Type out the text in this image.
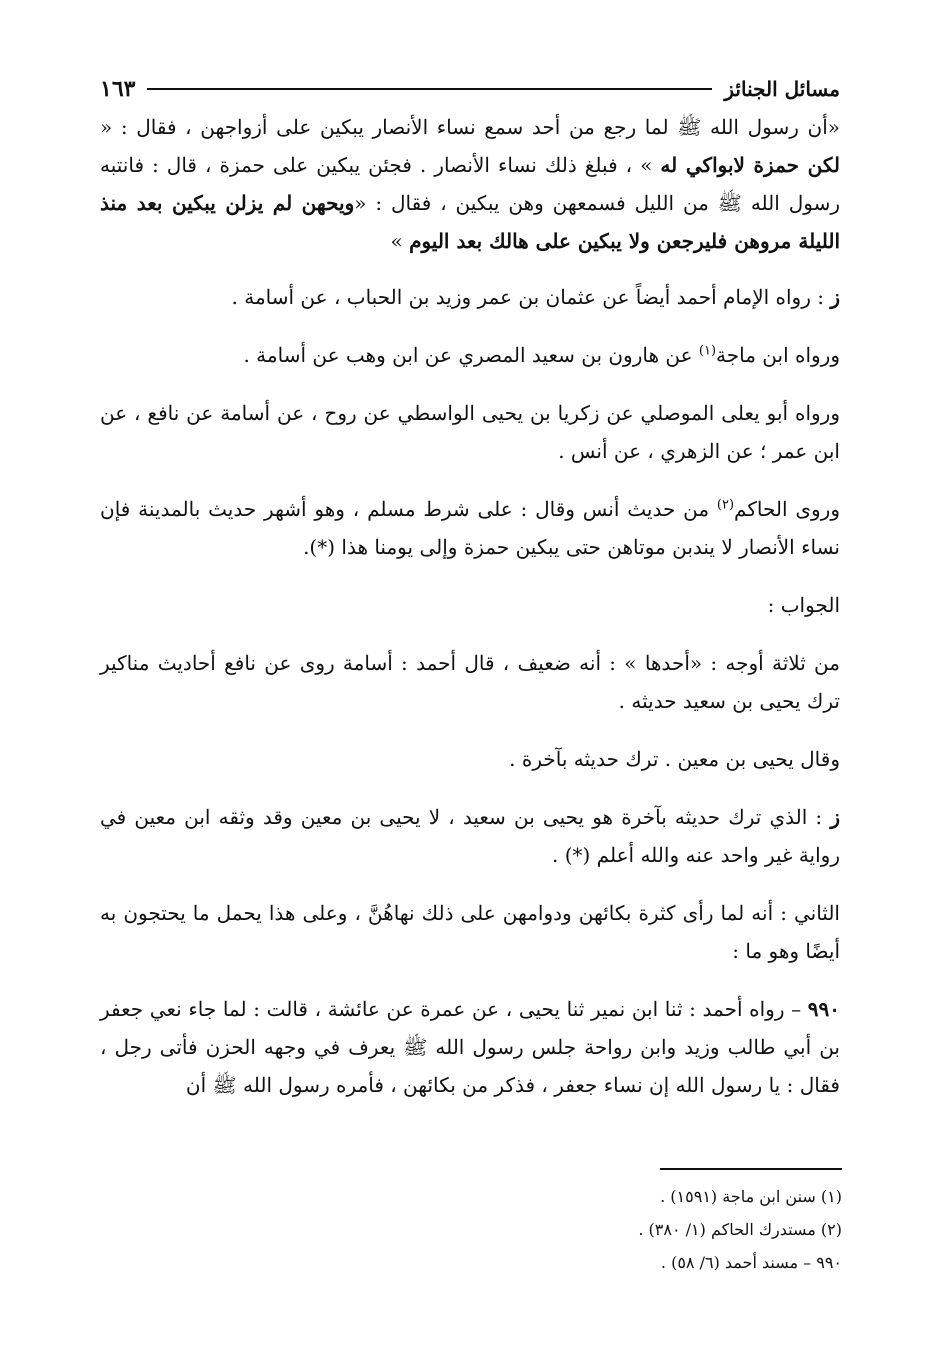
مسائل الجنائز
١٦٣

«أن رسول الله ﷺ لما رجع من أحد سمع نساء الأنصار يبكين على أزواجهن ، فقال : « لكن حمزة لابواكي له » ، فبلغ ذلك نساء الأنصار . فجئن يبكين على حمزة ، قال : فانتبه رسول الله ﷺ من الليل فسمعهن وهن يبكين ، فقال : «ويحهن لم يزلن يبكين بعد منذ الليلة مروهن فليرجعن ولا يبكين على هالك بعد اليوم »

ز : رواه الإمام أحمد أيضاً عن عثمان بن عمر وزيد بن الحباب ، عن أسامة .

ورواه ابن ماجة$^{(١)}$ عن هارون بن سعيد المصري عن ابن وهب عن أسامة .

ورواه أبو يعلى الموصلي عن زكريا بن يحيى الواسطي عن روح ، عن أسامة عن نافع ، عن ابن عمر ؛ عن الزهري ، عن أنس .

وروى الحاكم$^{(٢)}$ من حديث أنس وقال : على شرط مسلم ، وهو أشهر حديث بالمدينة فإن نساء الأنصار لا يندبن موتاهن حتى يبكين حمزة وإلى يومنا هذا (*).

الجواب :

من ثلاثة أوجه : «أحدها » : أنه ضعيف ، قال أحمد : أسامة روى عن نافع أحاديث مناكير ترك يحيى بن سعيد حديثه .

وقال يحيى بن معين . ترك حديثه بآخرة .

ز : الذي ترك حديثه بآخرة هو يحيى بن سعيد ، لا يحيى بن معين وقد وثقه ابن معين في رواية غير واحد عنه والله أعلم (*) .

الثاني : أنه لما رأى كثرة بكائهن ودوامهن على ذلك نهاهُنَّ ، وعلى هذا يحمل ما يحتجون به أيضًا وهو ما :

٩٩٠ – رواه أحمد : ثنا ابن نمير ثنا يحيى ، عن عمرة عن عائشة ، قالت : لما جاء نعي جعفر بن أبي طالب وزيد وابن رواحة جلس رسول الله ﷺ يعرف في وجهه الحزن فأتى رجل ، فقال : يا رسول الله إن نساء جعفر ، فذكر من بكائهن ، فأمره رسول الله ﷺ أن

(١) سنن ابن ماجة (١٥٩١) .
(٢) مستدرك الحاكم (١/ ٣٨٠) .
٩٩٠ – مسند أحمد (٦/ ٥٨) .
